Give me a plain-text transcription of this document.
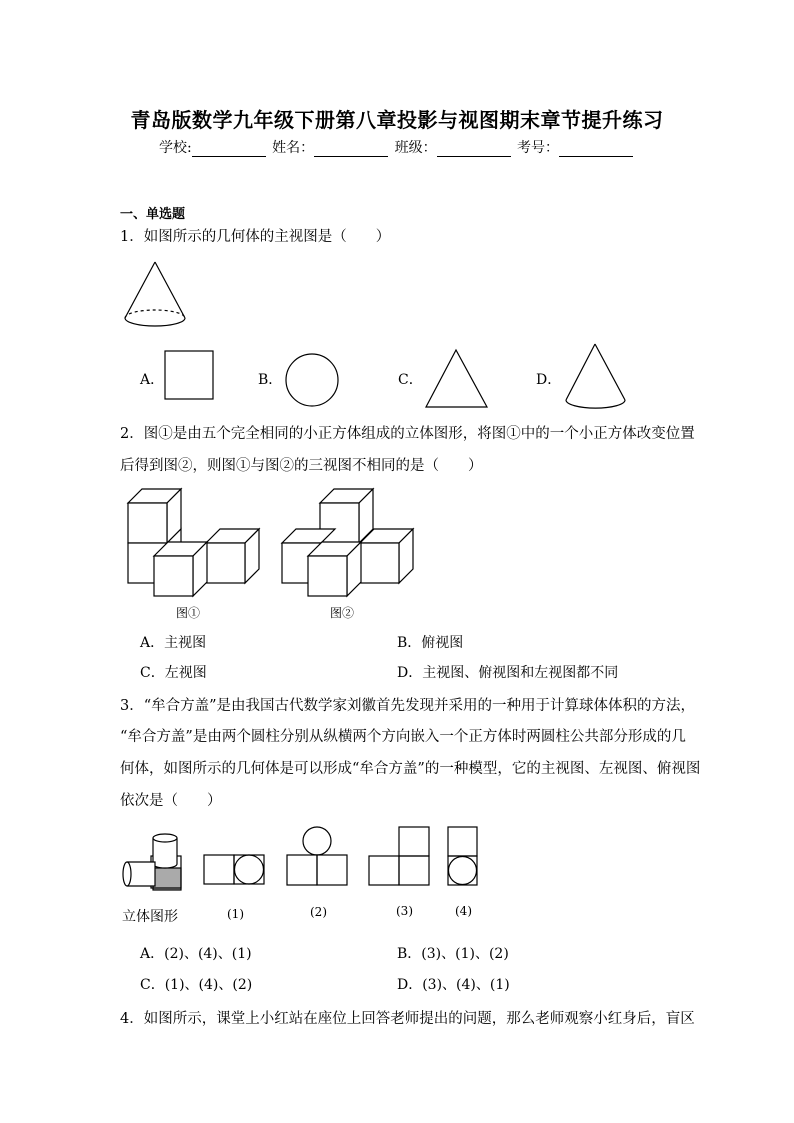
青岛版数学九年级下册第八章投影与视图期末章节提升练习
学校:	姓名：	班级：	考号：
一、单选题
1．如图所示的几何体的主视图是（　　）
A．	B．	C．	D．
2．图①是由五个完全相同的小正方体组成的立体图形，将图①中的一个小正方体改变位置
后得到图②，则图①与图②的三视图不相同的是（　　）
图①	图②
A．主视图	B．俯视图
C．左视图	D．主视图、俯视图和左视图都不同
3．“牟合方盖”是由我国古代数学家刘徽首先发现并采用的一种用于计算球体体积的方法，
“牟合方盖”是由两个圆柱分别从纵横两个方向嵌入一个正方体时两圆柱公共部分形成的几
何体，如图所示的几何体是可以形成“牟合方盖”的一种模型，它的主视图、左视图、俯视图
依次是（　　）
立体图形	(1)	(2)	(3)	(4)
A．(2)、(4)、(1)	B．(3)、(1)、(2)
C．(1)、(4)、(2)	D．(3)、(4)、(1)
4．如图所示，课堂上小红站在座位上回答老师提出的问题，那么老师观察小红身后，盲区
